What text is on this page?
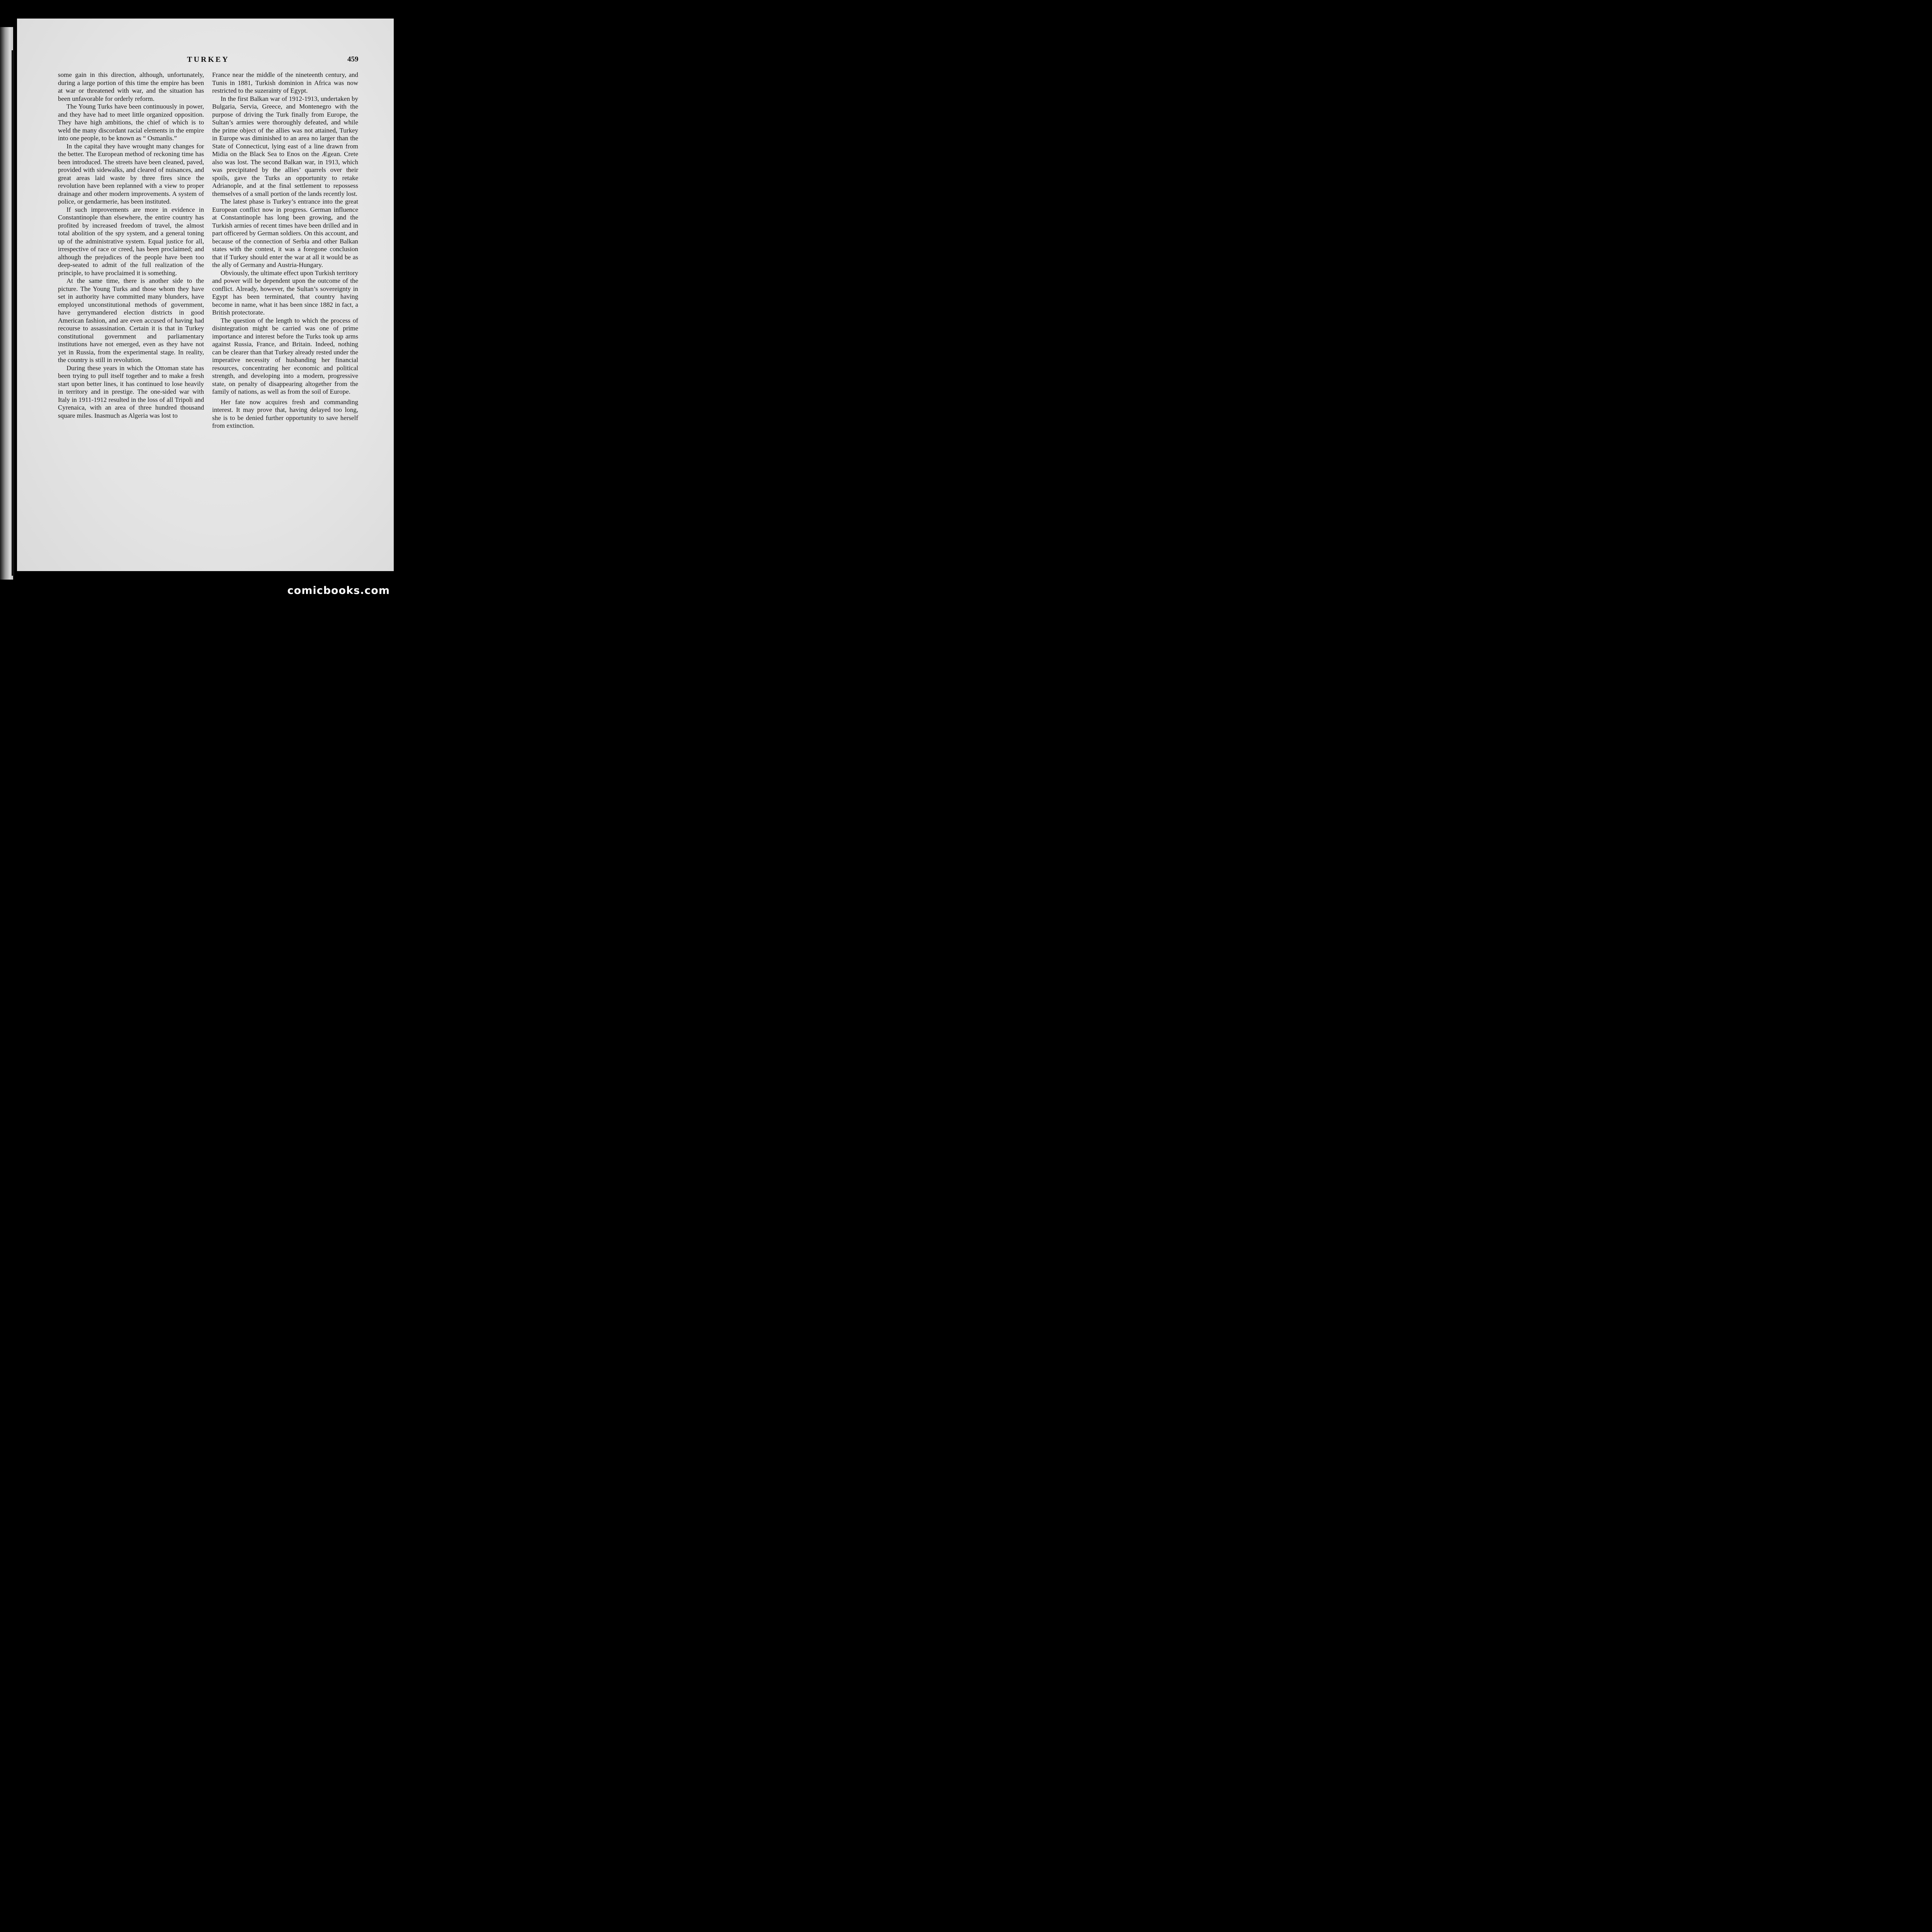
TURKEY	459

some gain in this direction, although, unfortunately, during a large portion of this time the empire has been at war or threatened with war, and the situation has been unfavorable for orderly reform.

The Young Turks have been continuously in power, and they have had to meet little organized opposition. They have high ambitions, the chief of which is to weld the many discordant racial elements in the empire into one people, to be known as “ Osmanlis.”

In the capital they have wrought many changes for the better. The European method of reckoning time has been introduced. The streets have been cleaned, paved, provided with sidewalks, and cleared of nuisances, and great areas laid waste by three fires since the revolution have been replanned with a view to proper drainage and other modern improvements. A system of police, or gendarmerie, has been instituted.

If such improvements are more in evidence in Constantinople than elsewhere, the entire country has profited by increased freedom of travel, the almost total abolition of the spy system, and a general toning up of the administrative system. Equal justice for all, irrespective of race or creed, has been proclaimed; and although the prejudices of the people have been too deep-seated to admit of the full realization of the principle, to have proclaimed it is something.

At the same time, there is another side to the picture. The Young Turks and those whom they have set in authority have committed many blunders, have employed unconstitutional methods of government, have gerrymandered election districts in good American fashion, and are even accused of having had recourse to assassination. Certain it is that in Turkey constitutional government and parliamentary institutions have not emerged, even as they have not yet in Russia, from the experimental stage. In reality, the country is still in revolution.

During these years in which the Ottoman state has been trying to pull itself together and to make a fresh start upon better lines, it has continued to lose heavily in territory and in prestige. The one-sided war with Italy in 1911-1912 resulted in the loss of all Tripoli and Cyrenaica, with an area of three hundred thousand square miles. Inasmuch as Algeria was lost to

France near the middle of the nineteenth century, and Tunis in 1881, Turkish dominion in Africa was now restricted to the suzerainty of Egypt.

In the first Balkan war of 1912-1913, undertaken by Bulgaria, Servia, Greece, and Montenegro with the purpose of driving the Turk finally from Europe, the Sultan’s armies were thoroughly defeated, and while the prime object of the allies was not attained, Turkey in Europe was diminished to an area no larger than the State of Connecticut, lying east of a line drawn from Midia on the Black Sea to Enos on the Ægean. Crete also was lost. The second Balkan war, in 1913, which was precipitated by the allies’ quarrels over their spoils, gave the Turks an opportunity to retake Adrianople, and at the final settlement to repossess themselves of a small portion of the lands recently lost.

The latest phase is Turkey’s entrance into the great European conflict now in progress. German influence at Constantinople has long been growing, and the Turkish armies of recent times have been drilled and in part officered by German soldiers. On this account, and because of the connection of Serbia and other Balkan states with the contest, it was a foregone conclusion that if Turkey should enter the war at all it would be as the ally of Germany and Austria-Hungary.

Obviously, the ultimate effect upon Turkish territory and power will be dependent upon the outcome of the conflict. Already, however, the Sultan’s sovereignty in Egypt has been terminated, that country having become in name, what it has been since 1882 in fact, a British protectorate.

The question of the length to which the process of disintegration might be carried was one of prime importance and interest before the Turks took up arms against Russia, France, and Britain. Indeed, nothing can be clearer than that Turkey already rested under the imperative necessity of husbanding her financial resources, concentrating her economic and political strength, and developing into a modern, progressive state, on penalty of disappearing altogether from the family of nations, as well as from the soil of Europe.

Her fate now acquires fresh and commanding interest. It may prove that, having delayed too long, she is to be denied further opportunity to save herself from extinction.

comicbooks.com
